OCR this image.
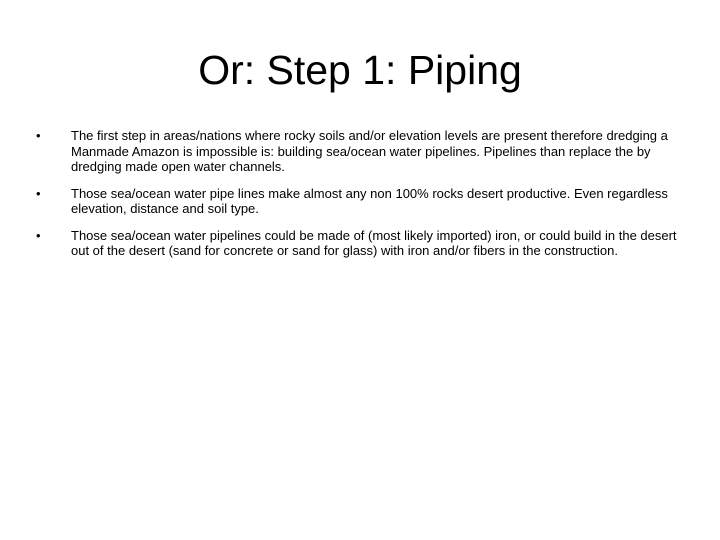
Or: Step 1: Piping
• The first step in areas/nations where rocky soils and/or elevation levels are present therefore dredging a Manmade Amazon is impossible is: building sea/ocean water pipelines. Pipelines than replace the by dredging made open water channels.
• Those sea/ocean water pipe lines make almost any non 100% rocks desert productive. Even regardless elevation, distance and soil type.
• Those sea/ocean water pipelines could be made of (most likely imported) iron, or could build in the desert out of the desert (sand for concrete or sand for glass) with iron and/or fibers in the construction.
